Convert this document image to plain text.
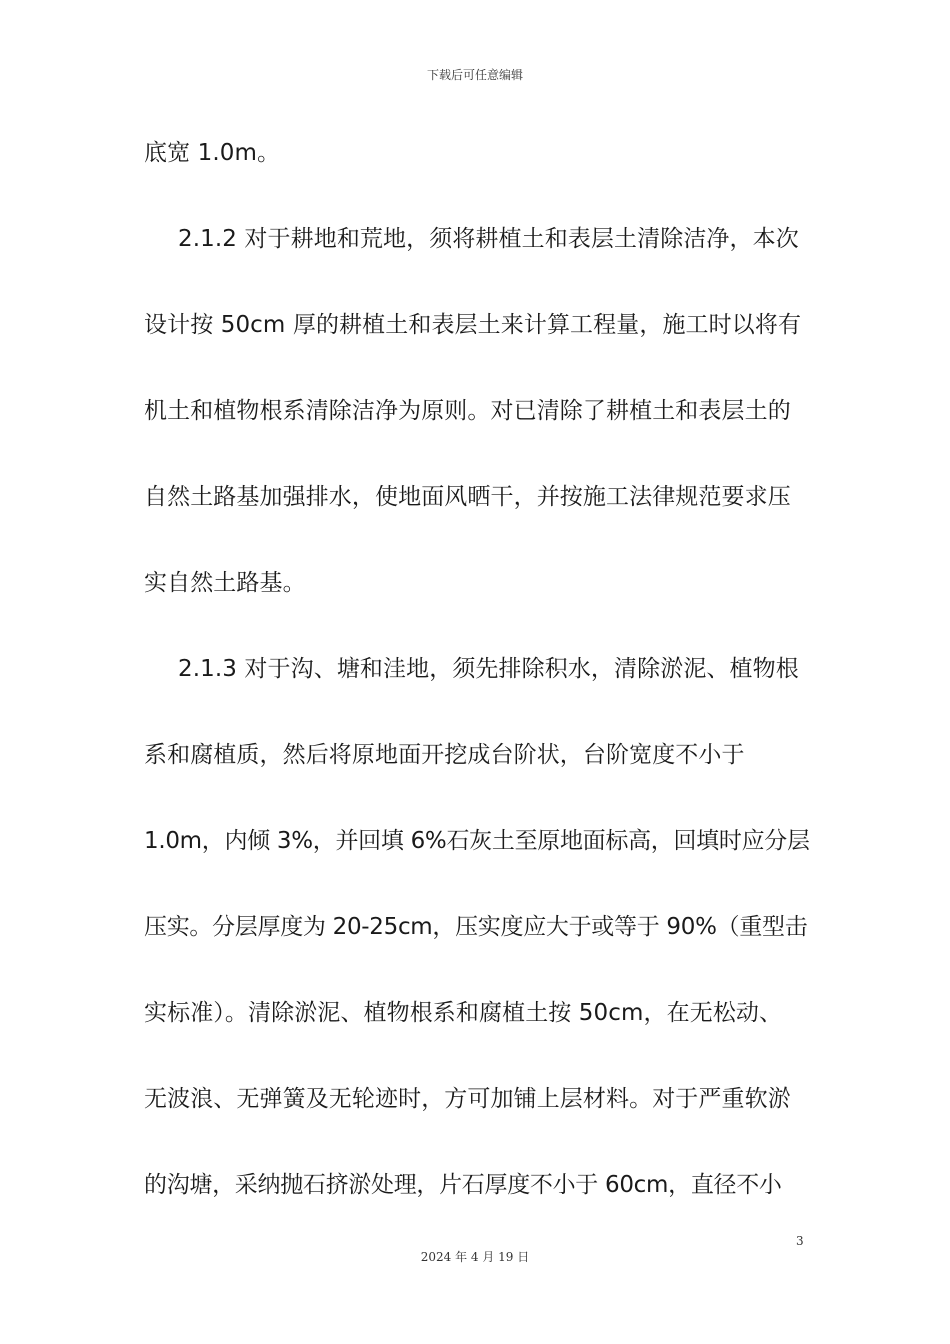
下载后可任意编辑
底宽 1.0m。
2.1.2 对于耕地和荒地，须将耕植土和表层土清除洁净，本次
设计按 50cm 厚的耕植土和表层土来计算工程量，施工时以将有
机土和植物根系清除洁净为原则。对已清除了耕植土和表层土的
自然土路基加强排水，使地面风晒干，并按施工法律规范要求压
实自然土路基。
2.1.3 对于沟、塘和洼地，须先排除积水，清除淤泥、植物根
系和腐植质，然后将原地面开挖成台阶状，台阶宽度不小于
1.0m，内倾 3%，并回填 6%石灰土至原地面标高，回填时应分层
压实。分层厚度为 20-25cm，压实度应大于或等于 90%（重型击
实标准）。清除淤泥、植物根系和腐植土按 50cm，在无松动、
无波浪、无弹簧及无轮迹时，方可加铺上层材料。对于严重软淤
的沟塘，采纳抛石挤淤处理，片石厚度不小于 60cm，直径不小
3
2024 年 4 月 19 日
